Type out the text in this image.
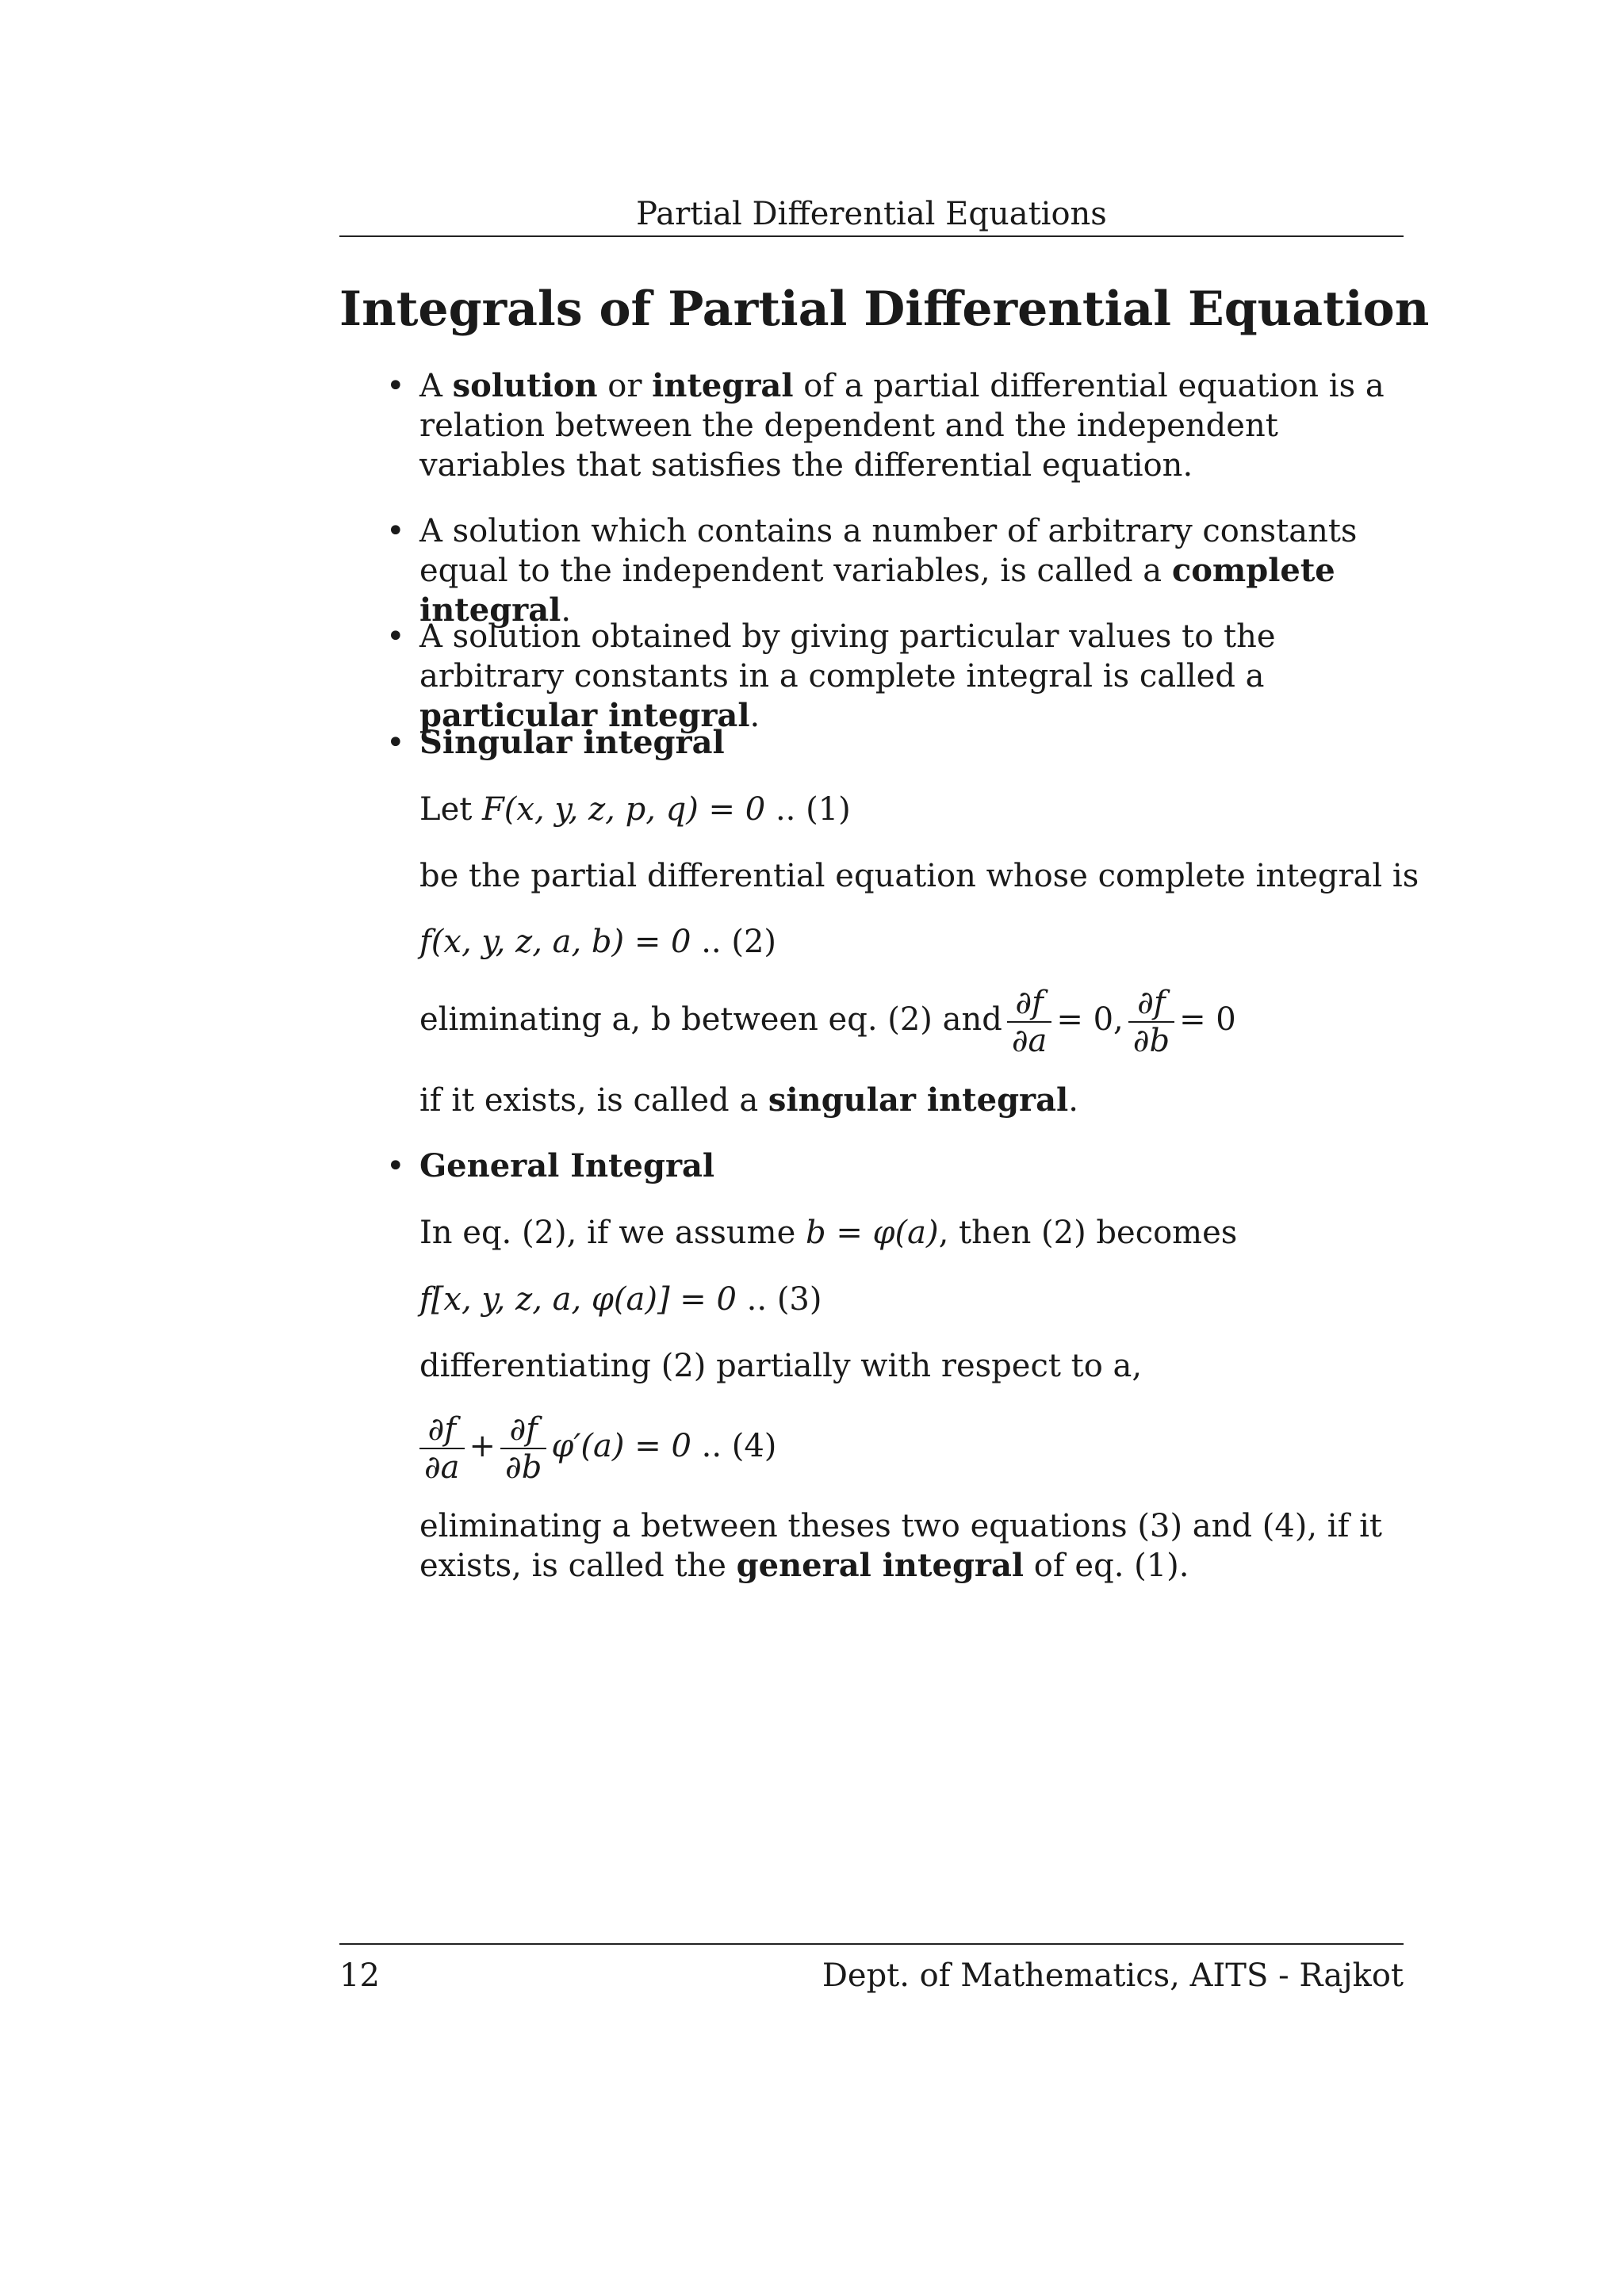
Partial Differential Equations
Integrals of Partial Differential Equation
• A solution or integral of a partial differential equation is a relation between the dependent and the independent variables that satisfies the differential equation.
• A solution which contains a number of arbitrary constants equal to the independent variables, is called a complete integral.
• A solution obtained by giving particular values to the arbitrary constants in a complete integral is called a particular integral.
• Singular integral
Let F(x, y, z, p, q) = 0 .. (1)
be the partial differential equation whose complete integral is
f(x, y, z, a, b) = 0 .. (2)
eliminating a, b between eq. (2) and $\frac{\partial f}{\partial a} = 0$, $\frac{\partial f}{\partial b} = 0$
if it exists, is called a singular integral.
• General Integral
In eq. (2), if we assume b = φ(a), then (2) becomes
f[x, y, z, a, φ(a)] = 0 .. (3)
differentiating (2) partially with respect to a,
$\frac{\partial f}{\partial a} + \frac{\partial f}{\partial b} \varphi'(a) = 0$ .. (4)
eliminating a between theses two equations (3) and (4), if it exists, is called the general integral of eq. (1).
12	Dept. of Mathematics, AITS - Rajkot
